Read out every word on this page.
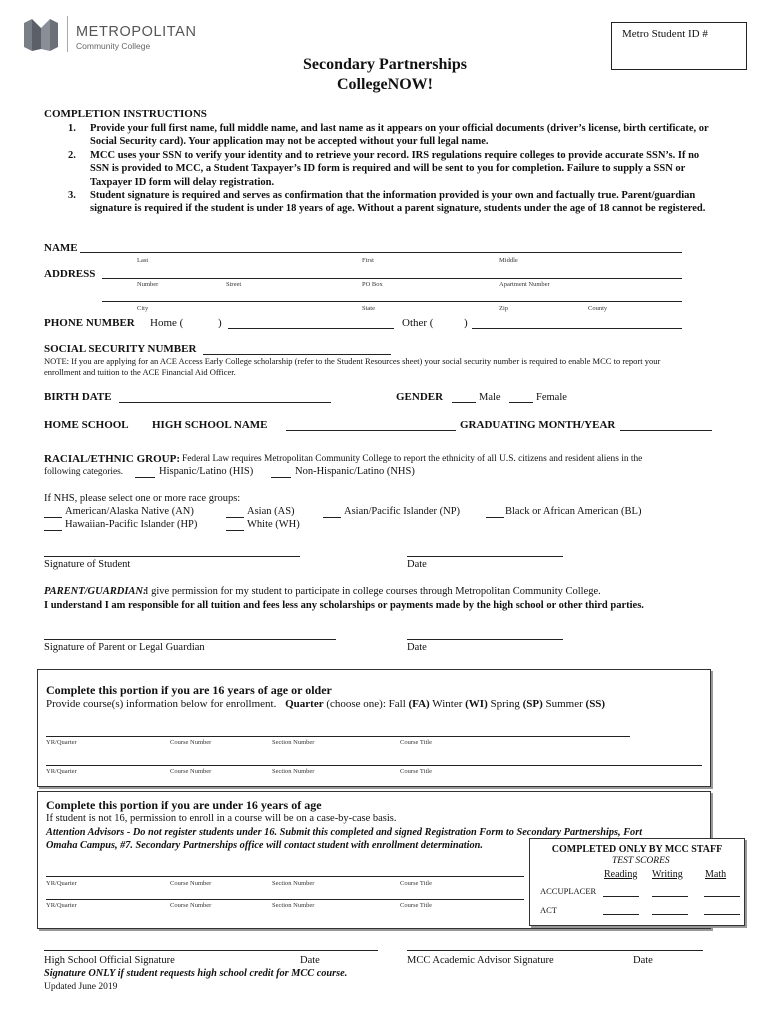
METROPOLITAN
Community College
Metro Student ID #
Secondary Partnerships
CollegeNOW!
COMPLETION INSTRUCTIONS
1. Provide your full first name, full middle name, and last name as it appears on your official documents (driver’s license, birth certificate, or Social Security card). Your application may not be accepted without your full legal name.
2. MCC uses your SSN to verify your identity and to retrieve your record. IRS regulations require colleges to provide accurate SSN’s. If no SSN is provided to MCC, a Student Taxpayer’s ID form is required and will be sent to you for completion. Failure to supply a SSN or Taxpayer ID form will delay registration.
3. Student signature is required and serves as confirmation that the information provided is your own and factually true. Parent/guardian signature is required if the student is under 18 years of age. Without a parent signature, students under the age of 18 cannot be registered.
NAME
Last	First	Middle
ADDRESS
Number	Street	PO Box	Apartment Number
City	State	Zip	County
PHONE NUMBER Home (	)	Other (	)
SOCIAL SECURITY NUMBER
NOTE: If you are applying for an ACE Access Early College scholarship (refer to the Student Resources sheet) your social security number is required to enable MCC to report your enrollment and tuition to the ACE Financial Aid Officer.
BIRTH DATE	GENDER	Male	Female
HOME SCHOOL HIGH SCHOOL NAME	GRADUATING MONTH/YEAR
RACIAL/ETHNIC GROUP: Federal Law requires Metropolitan Community College to report the ethnicity of all U.S. citizens and resident aliens in the
following categories.	Hispanic/Latino (HIS)	Non-Hispanic/Latino (NHS)
If NHS, please select one or more race groups:
American/Alaska Native (AN)	Asian (AS)	Asian/Pacific Islander (NP)	Black or African American (BL)
Hawaiian-Pacific Islander (HP)	White (WH)
Signature of Student	Date
PARENT/GUARDIAN:
I give permission for my student to participate in college courses through Metropolitan Community College.
I understand I am responsible for all tuition and fees less any scholarships or payments made by the high school or other third parties.
Signature of Parent or Legal Guardian	Date
Complete this portion if you are 16 years of age or older
Provide course(s) information below for enrollment. Quarter (choose one): Fall (FA) Winter (WI) Spring (SP) Summer (SS)
YR/Quarter	Course Number	Section Number	Course Title
YR/Quarter	Course Number	Section Number	Course Title
Complete this portion if you are under 16 years of age
If student is not 16, permission to enroll in a course will be on a case-by-case basis.
Attention Advisors - Do not register students under 16. Submit this completed and signed Registration Form to Secondary Partnerships, Fort
Omaha Campus, #7. Secondary Partnerships office will contact student with enrollment determination.
YR/Quarter	Course Number	Section Number	Course Title
YR/Quarter	Course Number	Section Number	Course Title
COMPLETED ONLY BY MCC STAFF
TEST SCORES
Reading Writing Math
ACCUPLACER
ACT
High School Official Signature	Date	MCC Academic Advisor Signature	Date
Signature ONLY if student requests high school credit for MCC course.
Updated June 2019
